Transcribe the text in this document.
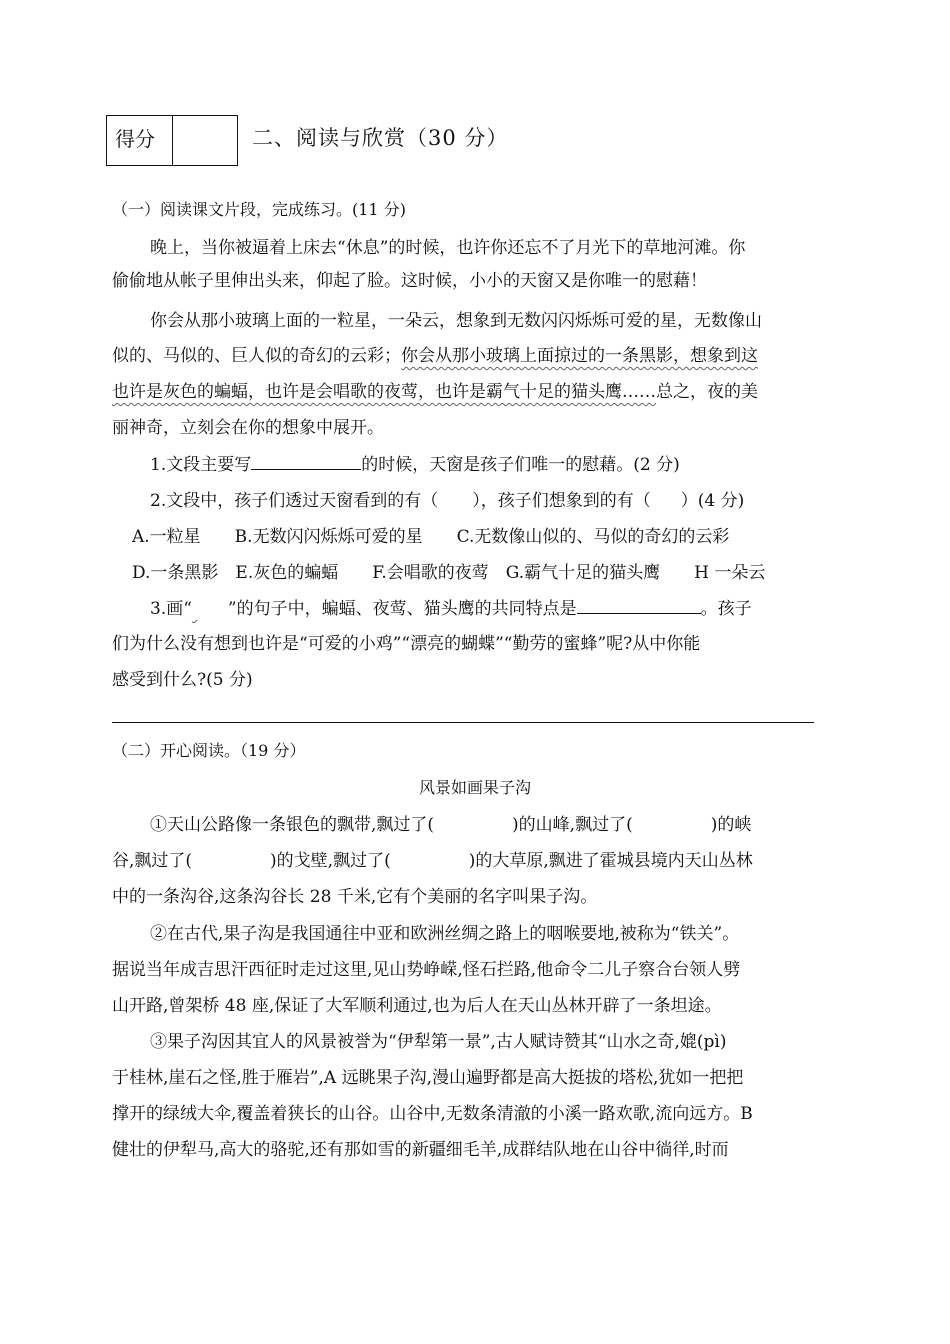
得分	二、阅读与欣赏（30 分）
（一）阅读课文片段，完成练习。(11 分)
晚上，当你被逼着上床去“休息”的时候，也许你还忘不了月光下的草地河滩。你
偷偷地从帐子里伸出头来，仰起了脸。这时候，小小的天窗又是你唯一的慰藉！
你会从那小玻璃上面的一粒星，一朵云，想象到无数闪闪烁烁可爱的星，无数像山
似的、马似的、巨人似的奇幻的云彩；你会从那小玻璃上面掠过的一条黑影，想象到这
也许是灰色的蝙蝠，也许是会唱歌的夜莺，也许是霸气十足的猫头鹰……总之，夜的美
丽神奇，立刻会在你的想象中展开。
1.文段主要写	的时候，天窗是孩子们唯一的慰藉。(2 分)
2.文段中，孩子们透过天窗看到的有（ ），孩子们想象到的有（ ）(4 分)
A.一粒星　　B.无数闪闪烁烁可爱的星　　C.无数像山似的、马似的奇幻的云彩
D.一条黑影　E.灰色的蝙蝠　　F.会唱歌的夜莺　G.霸气十足的猫头鹰　　H 一朵云
3.画“ ”的句子中，蝙蝠、夜莺、猫头鹰的共同特点是	。孩子
们为什么没有想到也许是“可爱的小鸡”“漂亮的蝴蝶”“勤劳的蜜蜂”呢?从中你能
感受到什么?(5 分)
（二）开心阅读。（19 分）
风景如画果子沟
①天山公路像一条银色的飘带,飘过了(	)的山峰,飘过了(	)的峡
谷,飘过了(	)的戈壁,飘过了(	)的大草原,飘进了霍城县境内天山丛林
中的一条沟谷,这条沟谷长 28 千米,它有个美丽的名字叫果子沟。
②在古代,果子沟是我国通往中亚和欧洲丝绸之路上的咽喉要地,被称为“铁关”。
据说当年成吉思汗西征时走过这里,见山势峥嵘,怪石拦路,他命令二儿子察合台领人劈
山开路,曾架桥 48 座,保证了大军顺利通过,也为后人在天山丛林开辟了一条坦途。
③果子沟因其宜人的风景被誉为“伊犁第一景”,古人赋诗赞其“山水之奇,媲(pì)
于桂林,崖石之怪,胜于雁岩”,A 远眺果子沟,漫山遍野都是高大挺拔的塔松,犹如一把把
撑开的绿绒大伞,覆盖着狭长的山谷。山谷中,无数条清澈的小溪一路欢歌,流向远方。B
健壮的伊犁马,高大的骆驼,还有那如雪的新疆细毛羊,成群结队地在山谷中徜徉,时而
